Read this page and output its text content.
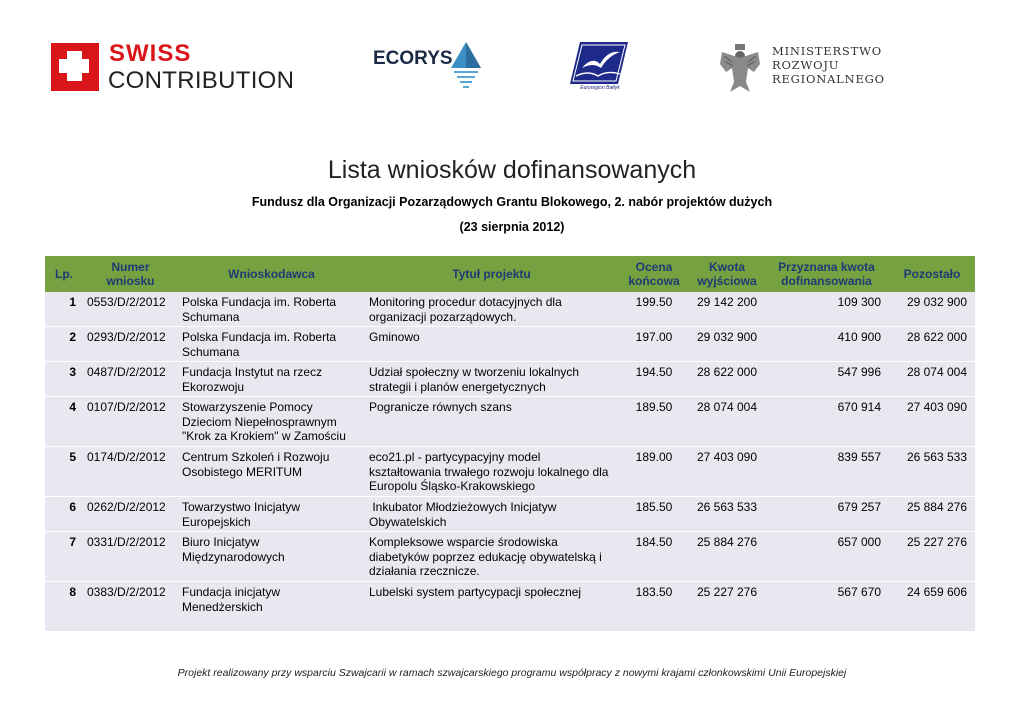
SWISS
CONTRIBUTION
ECORYS
Euroregion Bałtyk
MINISTERSTWO
ROZWOJU
REGIONALNEGO
Lista wniosków dofinansowanych
Fundusz dla Organizacji Pozarządowych Grantu Blokowego, 2. nabór projektów dużych
(23 sierpnia 2012)
Lp.	Numer wniosku	Wnioskodawca	Tytuł projektu	Ocena końcowa	Kwota wyjściowa	Przyznana kwota dofinansowania	Pozostało
1	0553/D/2/2012	Polska Fundacja im. Roberta Schumana	Monitoring procedur dotacyjnych dla organizacji pozarządowych.	199.50	29 142 200	109 300	29 032 900
2	0293/D/2/2012	Polska Fundacja im. Roberta Schumana	Gminowo	197.00	29 032 900	410 900	28 622 000
3	0487/D/2/2012	Fundacja Instytut na rzecz Ekorozwoju	Udział społeczny w tworzeniu lokalnych strategii i planów energetycznych	194.50	28 622 000	547 996	28 074 004
4	0107/D/2/2012	Stowarzyszenie Pomocy Dzieciom Niepełnosprawnym "Krok za Krokiem" w Zamościu	Pogranicze równych szans	189.50	28 074 004	670 914	27 403 090
5	0174/D/2/2012	Centrum Szkoleń i Rozwoju Osobistego MERITUM	eco21.pl - partycypacyjny model kształtowania trwałego rozwoju lokalnego dla Europolu Śląsko-Krakowskiego	189.00	27 403 090	839 557	26 563 533
6	0262/D/2/2012	Towarzystwo Inicjatyw Europejskich	Inkubator Młodzieżowych Inicjatyw Obywatelskich	185.50	26 563 533	679 257	25 884 276
7	0331/D/2/2012	Biuro Inicjatyw Międzynarodowych	Kompleksowe wsparcie środowiska diabetyków poprzez edukację obywatelską i działania rzecznicze.	184.50	25 884 276	657 000	25 227 276
8	0383/D/2/2012	Fundacja inicjatyw Menedżerskich	Lubelski system partycypacji społecznej	183.50	25 227 276	567 670	24 659 606
Projekt realizowany przy wsparciu Szwajcarii w ramach szwajcarskiego programu współpracy z nowymi krajami członkowskimi Unii Europejskiej
